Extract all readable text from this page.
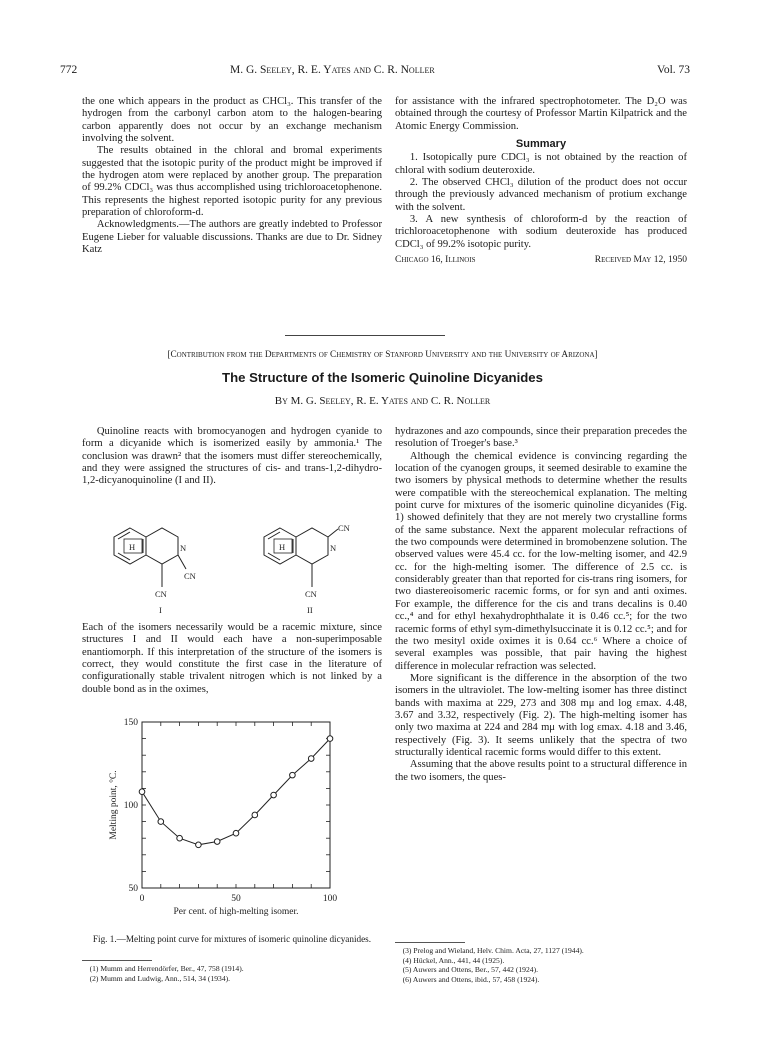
772	M. G. Seeley, R. E. Yates and C. R. Noller	Vol. 73

the one which appears in the product as CHCl₃. This transfer of the hydrogen from the carbonyl carbon atom to the halogen-bearing carbon apparently does not occur by an exchange mechanism involving the solvent.

The results obtained in the chloral and bromal experiments suggested that the isotopic purity of the product might be improved if the hydrogen atom were replaced by another group. The preparation of 99.2% CDCl₃ was thus accomplished using trichloroacetophenone. This represents the highest reported isotopic purity for any previous preparation of chloroform-d.

Acknowledgments.—The authors are greatly indebted to Professor Eugene Lieber for valuable discussions. Thanks are due to Dr. Sidney Katz

for assistance with the infrared spectrophotometer. The D₂O was obtained through the courtesy of Professor Martin Kilpatrick and the Atomic Energy Commission.

Summary

1. Isotopically pure CDCl₃ is not obtained by the reaction of chloral with sodium deuteroxide.

2. The observed CHCl₃ dilution of the product does not occur through the previously advanced mechanism of protium exchange with the solvent.

3. A new synthesis of chloroform-d by the reaction of trichloroacetophenone with sodium deuteroxide has produced CDCl₃ of 99.2% isotopic purity.

Chicago 16, Illinois	Received May 12, 1950
[Contribution from the Departments of Chemistry of Stanford University and the University of Arizona]
The Structure of the Isomeric Quinoline Dicyanides
By M. G. Seeley, R. E. Yates and C. R. Noller

Quinoline reacts with bromocyanogen and hydrogen cyanide to form a dicyanide which is isomerized easily by ammonia.¹ The conclusion was drawn² that the isomers must differ stereochemically, and they were assigned the structures of cis- and trans-1,2-dihydro-1,2-dicyanoquinoline (I and II).

H	N
CN
CN
I
H	N
CN
CN
II

Each of the isomers necessarily would be a racemic mixture, since structures I and II would each have a non-superimposable enantiomorph. If this interpretation of the structure of the isomers is correct, they would constitute the first case in the literature of configurationally stable trivalent nitrogen which is not linked by a double bond as in the oximes,

0	50	100
50
100
150
Per cent. of high-melting isomer.
Melting point, °C.
Fig. 1.—Melting point curve for mixtures of isomeric quinoline dicyanides.
(1) Mumm and Herrendörfer, Ber., 47, 758 (1914).
(2) Mumm and Ludwig, Ann., 514, 34 (1934).

hydrazones and azo compounds, since their preparation precedes the resolution of Troeger's base.³

Although the chemical evidence is convincing regarding the location of the cyanogen groups, it seemed desirable to examine the two isomers by physical methods to determine whether the results were compatible with the stereochemical explanation. The melting point curve for mixtures of the isomeric quinoline dicyanides (Fig. 1) showed definitely that they are not merely two crystalline forms of the same substance. Next the apparent molecular refractions of the two compounds were determined in bromobenzene solution. The observed values were 45.4 cc. for the low-melting isomer, and 42.9 cc. for the high-melting isomer. The difference of 2.5 cc. is considerably greater than that reported for cis-trans ring isomers, for two diastereoisomeric racemic forms, or for syn and anti oximes. For example, the difference for the cis and trans decalins is 0.40 cc.,⁴ and for ethyl hexahydrophthalate it is 0.46 cc.⁵; for the two racemic forms of ethyl sym-dimethylsuccinate it is 0.12 cc.⁵; and for the two mesityl oxide oximes it is 0.64 cc.⁶ Where a choice of several examples was possible, that pair having the highest difference in molecular refraction was selected.

More significant is the difference in the absorption of the two isomers in the ultraviolet. The low-melting isomer has three distinct bands with maxima at 229, 273 and 308 mμ and log εmax. 4.48, 3.67 and 3.32, respectively (Fig. 2). The high-melting isomer has only two maxima at 224 and 284 mμ with log εmax. 4.18 and 3.46, respectively (Fig. 3). It seems unlikely that the spectra of two structurally identical racemic forms would differ to this extent.

Assuming that the above results point to a structural difference in the two isomers, the ques-

(3) Prelog and Wieland, Helv. Chim. Acta, 27, 1127 (1944).
(4) Hückel, Ann., 441, 44 (1925).
(5) Auwers and Ottens, Ber., 57, 442 (1924).
(6) Auwers and Ottens, ibid., 57, 458 (1924).
